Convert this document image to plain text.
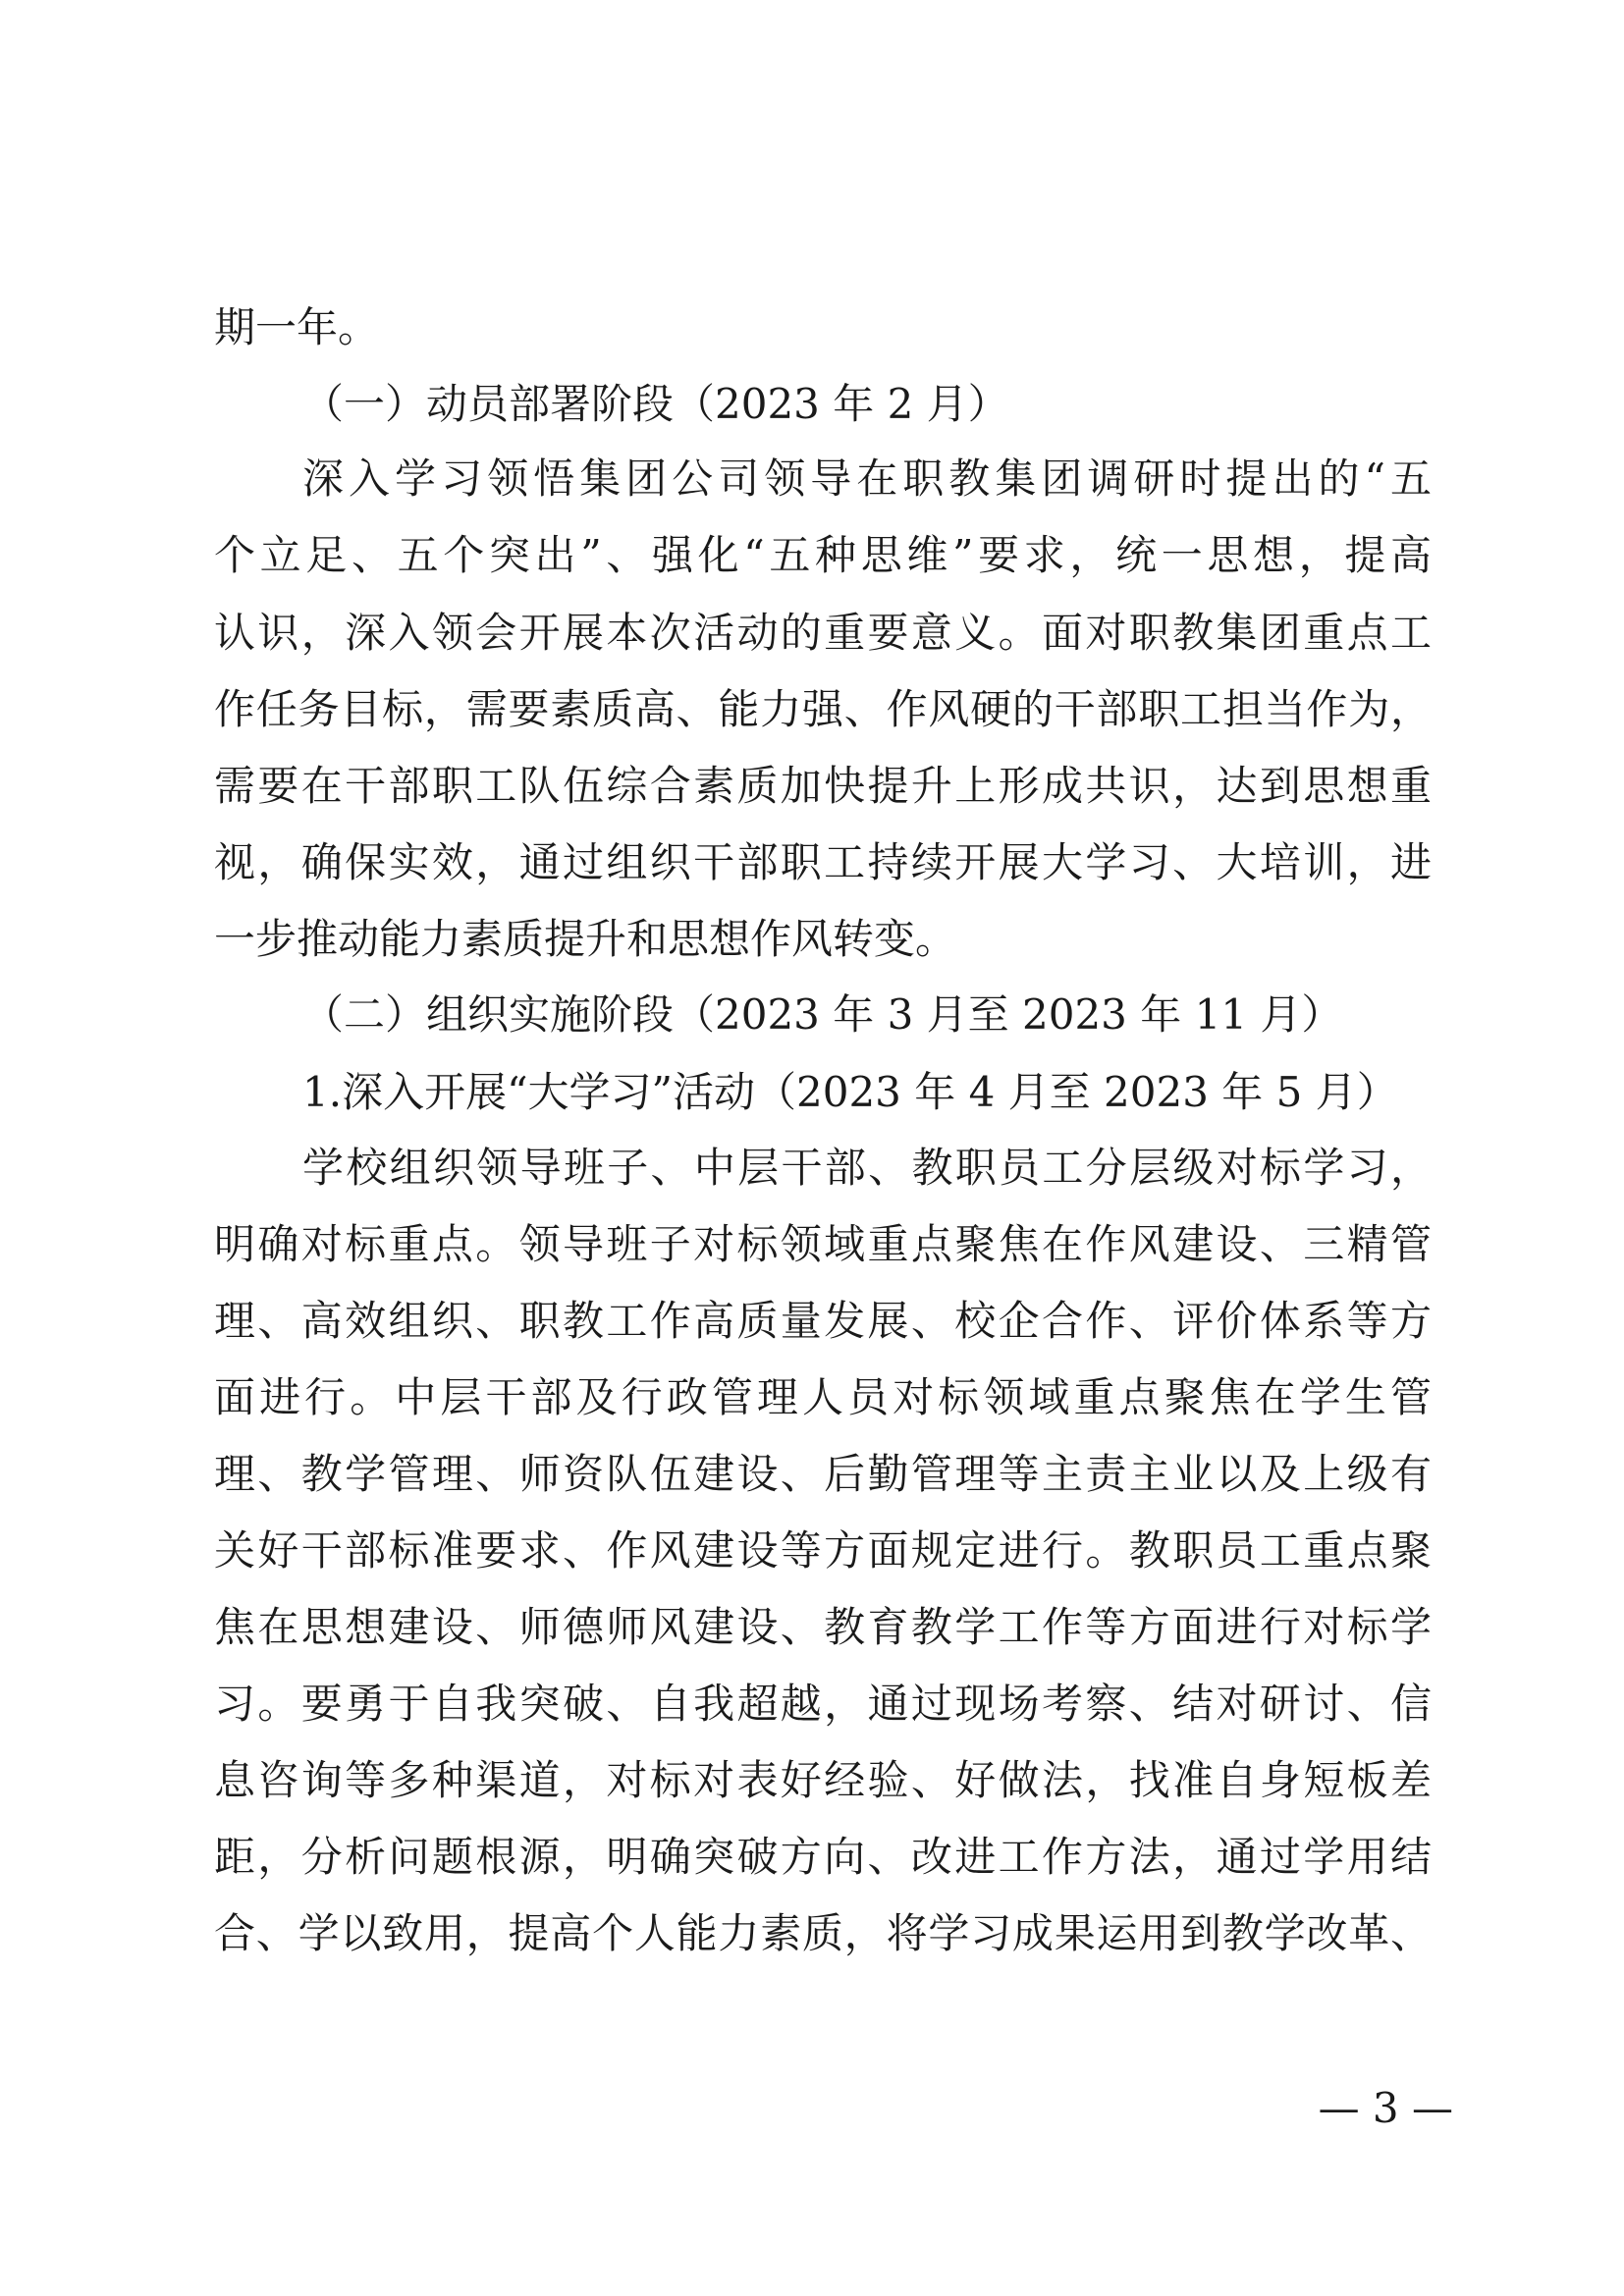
期一年。
（一）动员部署阶段（2023 年 2 月）
深入学习领悟集团公司领导在职教集团调研时提出的“五
个立足、五个突出”、强化“五种思维”要求，统一思想，提高
认识，深入领会开展本次活动的重要意义。面对职教集团重点工
作任务目标，需要素质高、能力强、作风硬的干部职工担当作为，
需要在干部职工队伍综合素质加快提升上形成共识，达到思想重
视，确保实效，通过组织干部职工持续开展大学习、大培训，进
一步推动能力素质提升和思想作风转变。
（二）组织实施阶段（2023 年 3 月至 2023 年 11 月）
1.深入开展“大学习”活动（2023 年 4 月至 2023 年 5 月）
学校组织领导班子、中层干部、教职员工分层级对标学习，
明确对标重点。领导班子对标领域重点聚焦在作风建设、三精管
理、高效组织、职教工作高质量发展、校企合作、评价体系等方
面进行。中层干部及行政管理人员对标领域重点聚焦在学生管
理、教学管理、师资队伍建设、后勤管理等主责主业以及上级有
关好干部标准要求、作风建设等方面规定进行。教职员工重点聚
焦在思想建设、师德师风建设、教育教学工作等方面进行对标学
习。要勇于自我突破、自我超越，通过现场考察、结对研讨、信
息咨询等多种渠道，对标对表好经验、好做法，找准自身短板差
距，分析问题根源，明确突破方向、改进工作方法，通过学用结
合、学以致用，提高个人能力素质，将学习成果运用到教学改革、
— 3 —
